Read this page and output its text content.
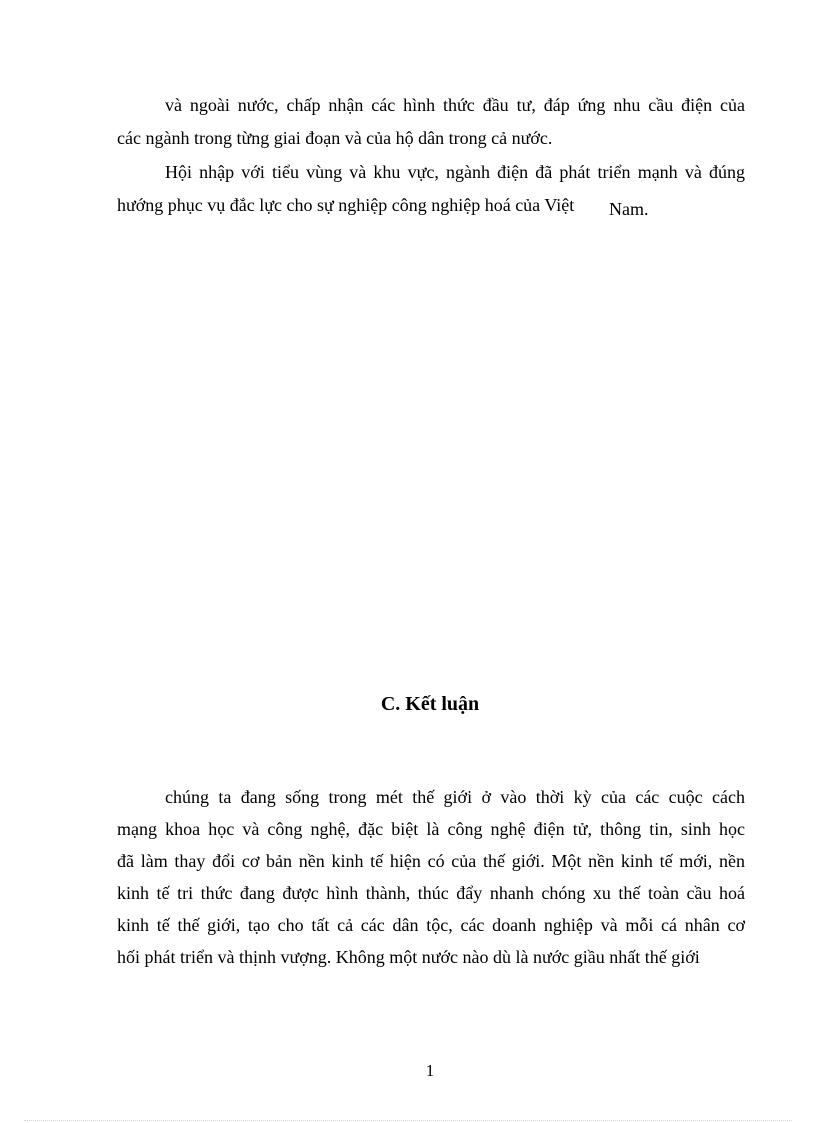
và ngoài nước, chấp nhận các hình thức đầu tư, đáp ứng nhu cầu điện của
các ngành trong từng giai đoạn và của hộ dân trong cả nước.
Hội nhập với tiểu vùng và khu vực, ngành điện đã phát triển mạnh và đúng
hướng phục vụ đắc lực cho sự nghiệp công nghiệp hoá của Việt Nam.
C. Kết luận
chúng ta đang sống trong mét thế giới ở vào thời kỳ của các cuộc cách
mạng khoa học và công nghệ, đặc biệt là công nghệ điện tử, thông tin, sinh học
đã làm thay đổi cơ bản nền kinh tế hiện có của thế giới. Một nền kinh tế mới, nền
kinh tế tri thức đang được hình thành, thúc đẩy nhanh chóng xu thế toàn cầu hoá
kinh tế thế giới, tạo cho tất cả các dân tộc, các doanh nghiệp và mỗi cá nhân cơ
hối phát triển và thịnh vượng. Không một nước nào dù là nước giầu nhất thế giới
1
